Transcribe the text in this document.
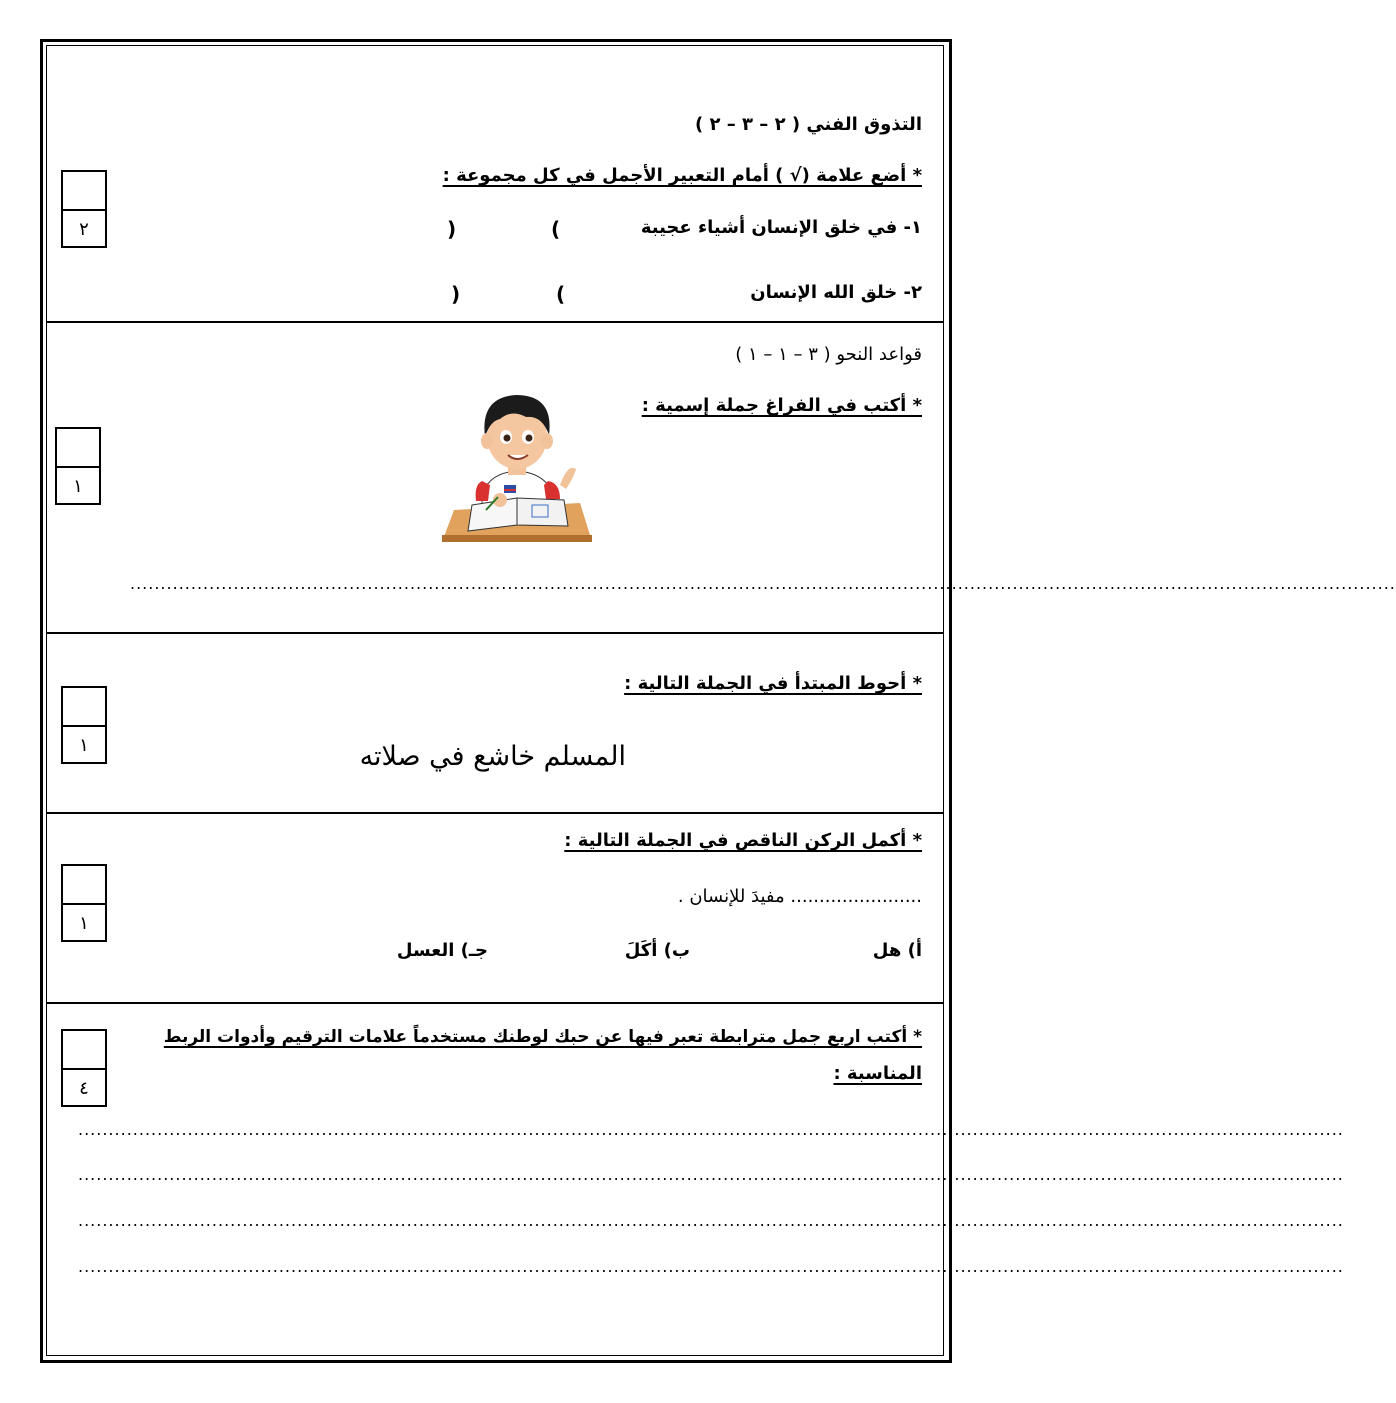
التذوق الفني ( ٢ – ٣ – ٢ )
* أضع علامة (√ ) أمام التعبير الأجمل في كل مجموعة :
١- في خلق الإنسان أشياء عجيبة
(
)
٢- خلق الله الإنسان
(
)
٢
قواعد النحو ( ٣ – ١ – ١ )
* أكتب في الفراغ جملة إسمية :
................................................................................................................................................................................................................
١
* أحوط المبتدأ في الجملة التالية :
المسلم خاشع في صلاته
١
* أكمل الركن الناقص في الجملة التالية :
....................... مفيدَ للإنسان .
أ) هل
ب) أكَلَ
جـ) العسل
١
* أكتب اربع جمل مترابطة تعبر فيها عن حبك لوطنك مستخدماً علامات الترقيم وأدوات الربط
المناسبة :
................................................................................................................................................................................................................
................................................................................................................................................................................................................
................................................................................................................................................................................................................
................................................................................................................................................................................................................
٤
